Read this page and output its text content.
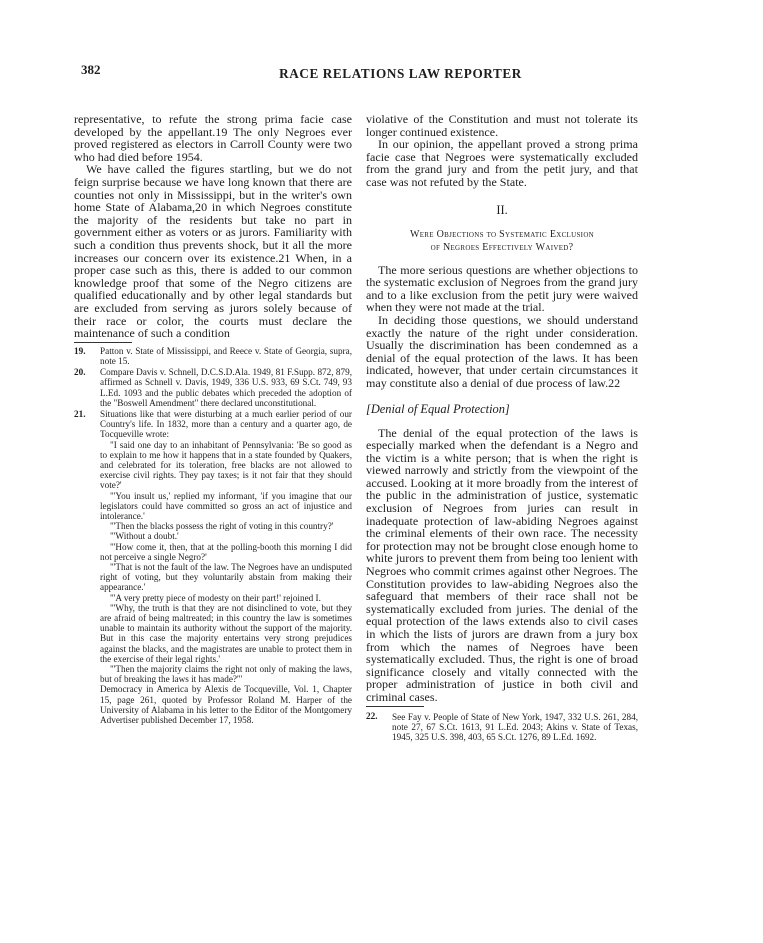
382	RACE RELATIONS LAW REPORTER

representative, to refute the strong prima facie case developed by the appellant.19 The only Negroes ever proved registered as electors in Carroll County were two who had died before 1954.

We have called the figures startling, but we do not feign surprise because we have long known that there are counties not only in Mississippi, but in the writer's own home State of Alabama,20 in which Negroes constitute the majority of the residents but take no part in government either as voters or as jurors. Familiarity with such a condition thus prevents shock, but it all the more increases our concern over its existence.21 When, in a proper case such as this, there is added to our common knowledge proof that some of the Negro citizens are qualified educationally and by other legal standards but are excluded from serving as jurors solely because of their race or color, the courts must declare the maintenance of such a condition

19. Patton v. State of Mississippi, and Reece v. State of Georgia, supra, note 15.

20. Compare Davis v. Schnell, D.C.S.D.Ala. 1949, 81 F.Supp. 872, 879, affirmed as Schnell v. Davis, 1949, 336 U.S. 933, 69 S.Ct. 749, 93 L.Ed. 1093 and the public debates which preceded the adoption of the "Boswell Amendment" there declared unconstitutional.

21. Situations like that were disturbing at a much earlier period of our Country's life. In 1832, more than a century and a quarter ago, de Tocqueville wrote:

"I said one day to an inhabitant of Pennsylvania: 'Be so good as to explain to me how it happens that in a state founded by Quakers, and celebrated for its toleration, free blacks are not allowed to exercise civil rights. They pay taxes; is it not fair that they should vote?'

"'You insult us,' replied my informant, 'if you imagine that our legislators could have committed so gross an act of injustice and intolerance.'

"'Then the blacks possess the right of voting in this country?'

"'Without a doubt.'

"'How come it, then, that at the polling-booth this morning I did not perceive a single Negro?'

"'That is not the fault of the law. The Negroes have an undisputed right of voting, but they voluntarily abstain from making their appearance.'

"'A very pretty piece of modesty on their part!' rejoined I.

"'Why, the truth is that they are not disinclined to vote, but they are afraid of being maltreated; in this country the law is sometimes unable to maintain its authority without the support of the majority. But in this case the majority entertains very strong prejudices against the blacks, and the magistrates are unable to protect them in the exercise of their legal rights.'

"'Then the majority claims the right not only of making the laws, but of breaking the laws it has made?'"

Democracy in America by Alexis de Tocqueville, Vol. 1, Chapter 15, page 261, quoted by Professor Roland M. Harper of the University of Alabama in his letter to the Editor of the Montgomery Advertiser published December 17, 1958.

violative of the Constitution and must not tolerate its longer continued existence.

In our opinion, the appellant proved a strong prima facie case that Negroes were systematically excluded from the grand jury and from the petit jury, and that case was not refuted by the State.

II.
Were Objections to Systematic Exclusion
of Negroes Effectively Waived?

The more serious questions are whether objections to the systematic exclusion of Negroes from the grand jury and to a like exclusion from the petit jury were waived when they were not made at the trial.

In deciding those questions, we should understand exactly the nature of the right under consideration. Usually the discrimination has been condemned as a denial of the equal protection of the laws. It has been indicated, however, that under certain circumstances it may constitute also a denial of due process of law.22

[Denial of Equal Protection]

The denial of the equal protection of the laws is especially marked when the defendant is a Negro and the victim is a white person; that is when the right is viewed narrowly and strictly from the viewpoint of the accused. Looking at it more broadly from the interest of the public in the administration of justice, systematic exclusion of Negroes from juries can result in inadequate protection of law-abiding Negroes against the criminal elements of their own race. The necessity for protection may not be brought close enough home to white jurors to prevent them from being too lenient with Negroes who commit crimes against other Negroes. The Constitution provides to law-abiding Negroes also the safeguard that members of their race shall not be systematically excluded from juries. The denial of the equal protection of the laws extends also to civil cases in which the lists of jurors are drawn from a jury box from which the names of Negroes have been systematically excluded. Thus, the right is one of broad significance closely and vitally connected with the proper administration of justice in both civil and criminal cases.

22. See Fay v. People of State of New York, 1947, 332 U.S. 261, 284, note 27, 67 S.Ct. 1613, 91 L.Ed. 2043; Akins v. State of Texas, 1945, 325 U.S. 398, 403, 65 S.Ct. 1276, 89 L.Ed. 1692.
